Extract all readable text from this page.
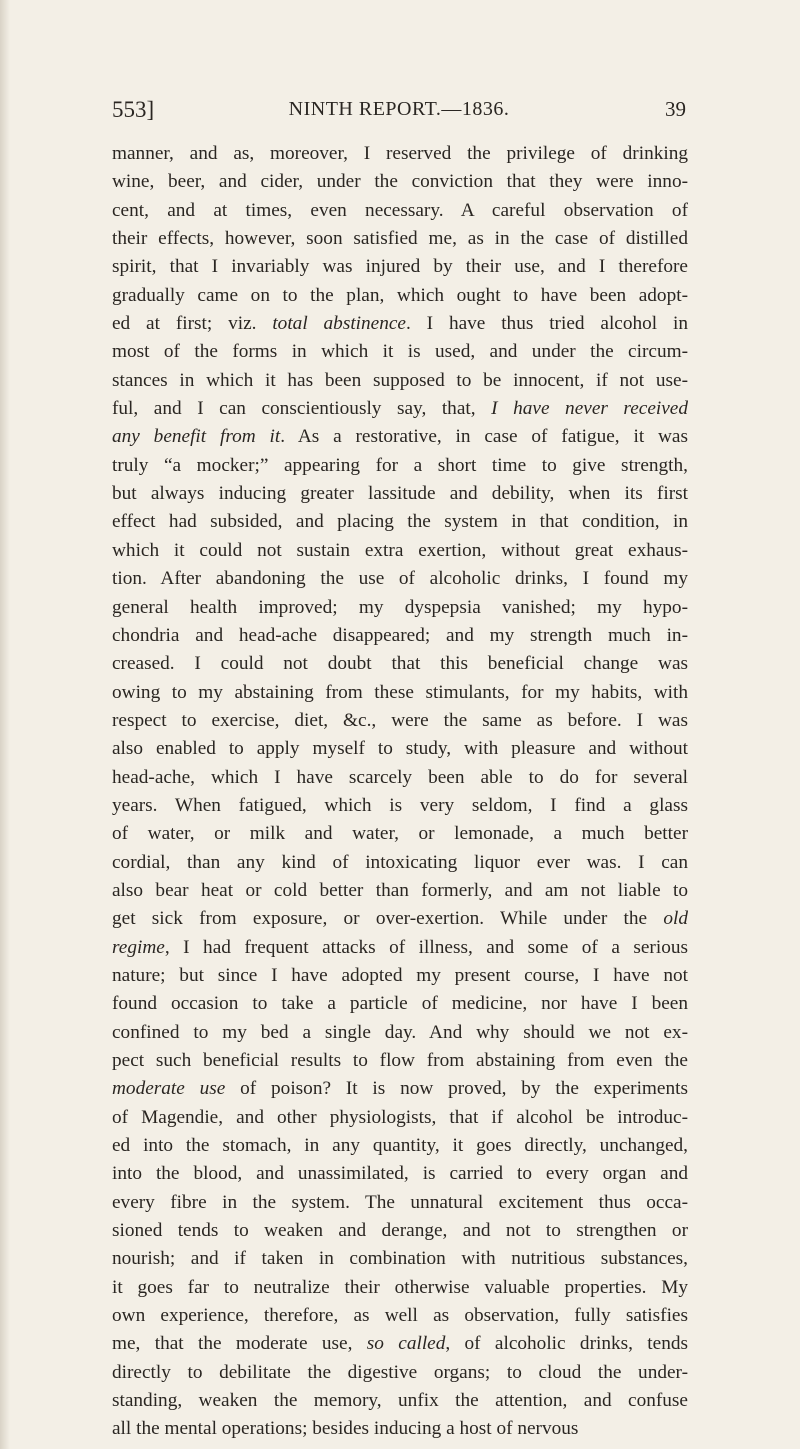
553]	NINTH REPORT.—1836.	39
manner, and as, moreover, I reserved the privilege of drinking
wine, beer, and cider, under the conviction that they were inno-
cent, and at times, even necessary. A careful observation of
their effects, however, soon satisfied me, as in the case of distilled
spirit, that I invariably was injured by their use, and I therefore
gradually came on to the plan, which ought to have been adopt-
ed at first; viz. total abstinence. I have thus tried alcohol in
most of the forms in which it is used, and under the circum-
stances in which it has been supposed to be innocent, if not use-
ful, and I can conscientiously say, that, I have never received
any benefit from it. As a restorative, in case of fatigue, it was
truly “a mocker;” appearing for a short time to give strength,
but always inducing greater lassitude and debility, when its first
effect had subsided, and placing the system in that condition, in
which it could not sustain extra exertion, without great exhaus-
tion. After abandoning the use of alcoholic drinks, I found my
general health improved; my dyspepsia vanished; my hypo-
chondria and head-ache disappeared; and my strength much in-
creased. I could not doubt that this beneficial change was
owing to my abstaining from these stimulants, for my habits, with
respect to exercise, diet, &c., were the same as before. I was
also enabled to apply myself to study, with pleasure and without
head-ache, which I have scarcely been able to do for several
years. When fatigued, which is very seldom, I find a glass
of water, or milk and water, or lemonade, a much better
cordial, than any kind of intoxicating liquor ever was. I can
also bear heat or cold better than formerly, and am not liable to
get sick from exposure, or over-exertion. While under the old
regime, I had frequent attacks of illness, and some of a serious
nature; but since I have adopted my present course, I have not
found occasion to take a particle of medicine, nor have I been
confined to my bed a single day. And why should we not ex-
pect such beneficial results to flow from abstaining from even the
moderate use of poison? It is now proved, by the experiments
of Magendie, and other physiologists, that if alcohol be introduc-
ed into the stomach, in any quantity, it goes directly, unchanged,
into the blood, and unassimilated, is carried to every organ and
every fibre in the system. The unnatural excitement thus occa-
sioned tends to weaken and derange, and not to strengthen or
nourish; and if taken in combination with nutritious substances,
it goes far to neutralize their otherwise valuable properties. My
own experience, therefore, as well as observation, fully satisfies
me, that the moderate use, so called, of alcoholic drinks, tends
directly to debilitate the digestive organs; to cloud the under-
standing, weaken the memory, unfix the attention, and confuse
all the mental operations; besides inducing a host of nervous
